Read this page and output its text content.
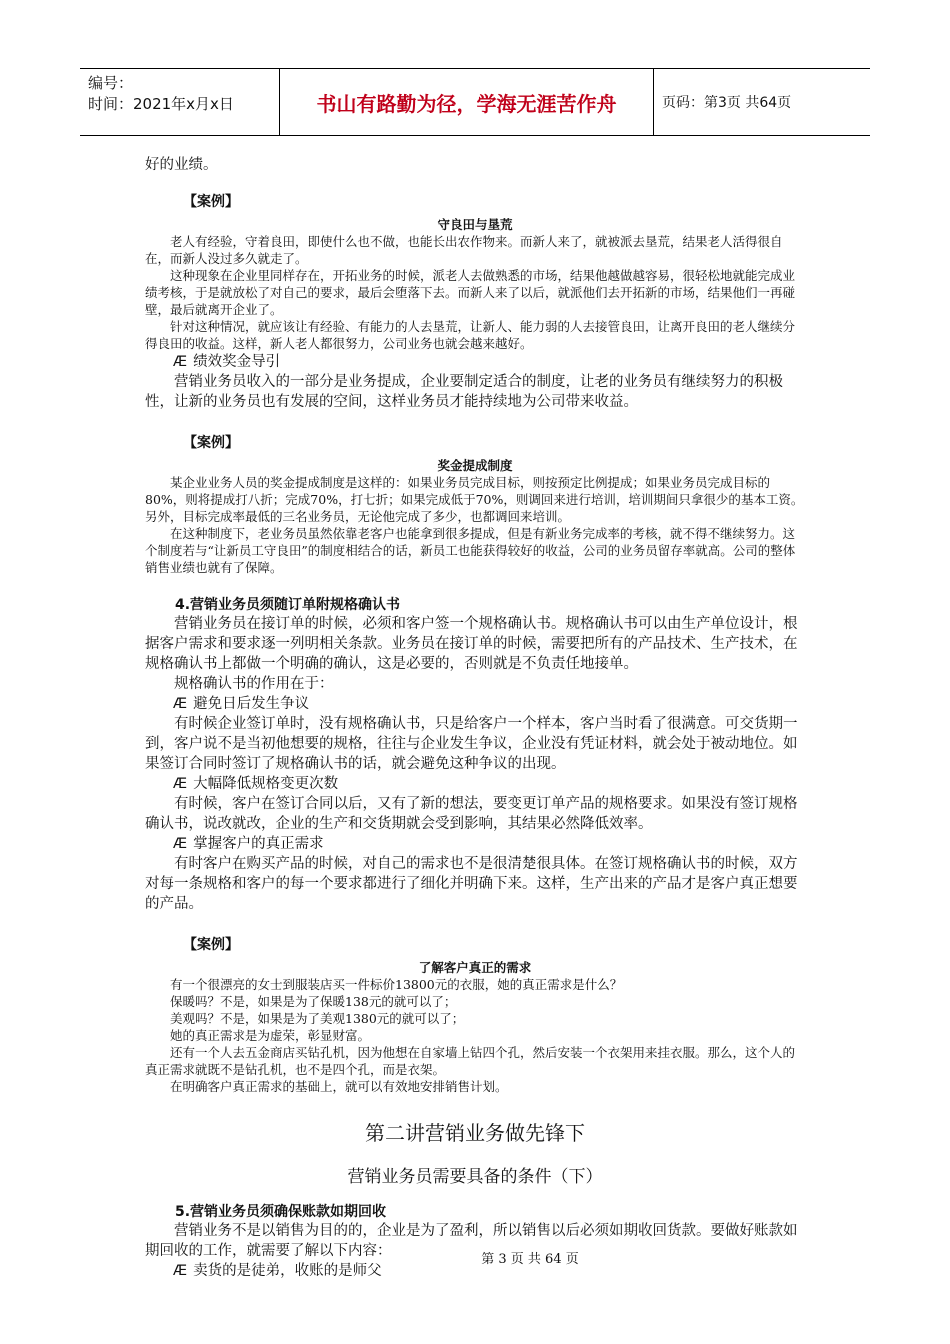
编号：
时间：2021年x月x日	书山有路勤为径，学海无涯苦作舟	页码：第3页 共64页

好的业绩。

【案例】

守良田与垦荒

老人有经验，守着良田，即使什么也不做，也能长出农作物来。而新人来了，就被派去垦荒，结果老人活得很自在，而新人没过多久就走了。

这种现象在企业里同样存在，开拓业务的时候，派老人去做熟悉的市场，结果他越做越容易，很轻松地就能完成业绩考核，于是就放松了对自己的要求，最后会堕落下去。而新人来了以后，就派他们去开拓新的市场，结果他们一再碰壁，最后就离开企业了。

针对这种情况，就应该让有经验、有能力的人去垦荒，让新人、能力弱的人去接管良田，让离开良田的老人继续分得良田的收益。这样，新人老人都很努力，公司业务也就会越来越好。

Æ 绩效奖金导引

营销业务员收入的一部分是业务提成，企业要制定适合的制度，让老的业务员有继续努力的积极性，让新的业务员也有发展的空间，这样业务员才能持续地为公司带来收益。

【案例】

奖金提成制度

某企业业务人员的奖金提成制度是这样的：如果业务员完成目标，则按预定比例提成；如果业务员完成目标的80%，则将提成打八折；完成70%，打七折；如果完成低于70%，则调回来进行培训，培训期间只拿很少的基本工资。另外，目标完成率最低的三名业务员，无论他完成了多少，也都调回来培训。

在这种制度下，老业务员虽然依靠老客户也能拿到很多提成，但是有新业务完成率的考核，就不得不继续努力。这个制度若与“让新员工守良田”的制度相结合的话，新员工也能获得较好的收益，公司的业务员留存率就高。公司的整体销售业绩也就有了保障。

4.营销业务员须随订单附规格确认书

营销业务员在接订单的时候，必须和客户签一个规格确认书。规格确认书可以由生产单位设计，根据客户需求和要求逐一列明相关条款。业务员在接订单的时候，需要把所有的产品技术、生产技术，在规格确认书上都做一个明确的确认，这是必要的，否则就是不负责任地接单。

规格确认书的作用在于：

Æ 避免日后发生争议

有时候企业签订单时，没有规格确认书，只是给客户一个样本，客户当时看了很满意。可交货期一到，客户说不是当初他想要的规格，往往与企业发生争议，企业没有凭证材料，就会处于被动地位。如果签订合同时签订了规格确认书的话，就会避免这种争议的出现。

Æ 大幅降低规格变更次数

有时候，客户在签订合同以后，又有了新的想法，要变更订单产品的规格要求。如果没有签订规格确认书，说改就改，企业的生产和交货期就会受到影响，其结果必然降低效率。

Æ 掌握客户的真正需求

有时客户在购买产品的时候，对自己的需求也不是很清楚很具体。在签订规格确认书的时候，双方对每一条规格和客户的每一个要求都进行了细化并明确下来。这样，生产出来的产品才是客户真正想要的产品。

【案例】

了解客户真正的需求

有一个很漂亮的女士到服装店买一件标价13800元的衣服，她的真正需求是什么？

保暖吗？不是，如果是为了保暖138元的就可以了；

美观吗？不是，如果是为了美观1380元的就可以了；

她的真正需求是为虚荣，彰显财富。

还有一个人去五金商店买钻孔机，因为他想在自家墙上钻四个孔，然后安装一个衣架用来挂衣服。那么，这个人的真正需求就既不是钻孔机，也不是四个孔，而是衣架。

在明确客户真正需求的基础上，就可以有效地安排销售计划。

第二讲营销业务做先锋下

营销业务员需要具备的条件（下）

5.营销业务员须确保账款如期回收

营销业务不是以销售为目的的，企业是为了盈利，所以销售以后必须如期收回货款。要做好账款如期回收的工作，就需要了解以下内容：

Æ 卖货的是徒弟，收账的是师父

第 3 页 共 64 页
